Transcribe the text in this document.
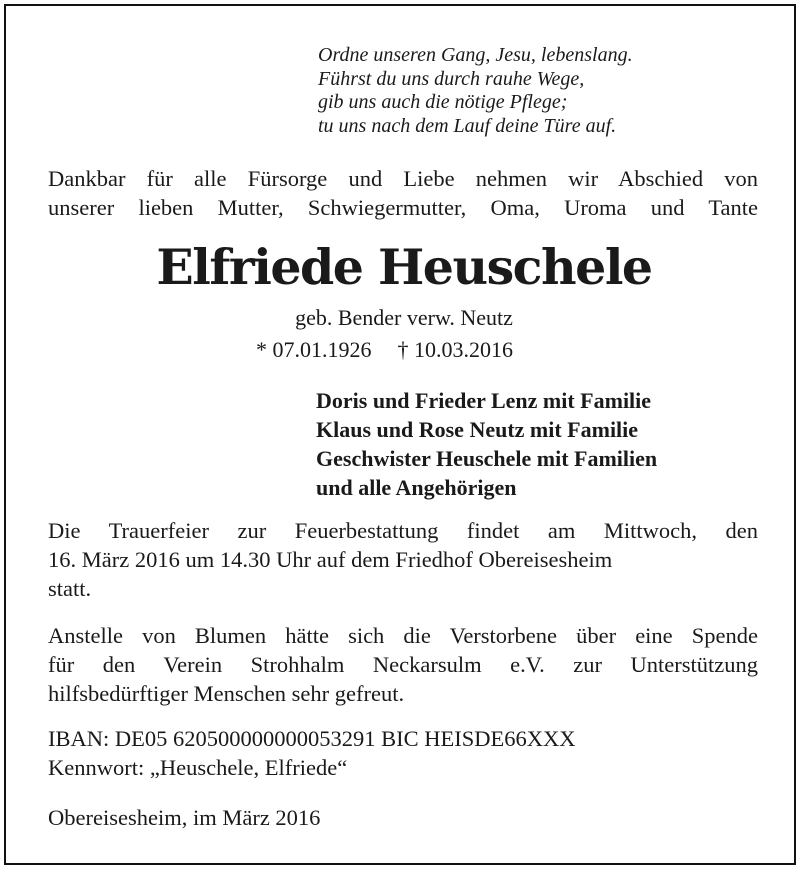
Ordne unseren Gang, Jesu, lebenslang.
Führst du uns durch rauhe Wege,
gib uns auch die nötige Pflege;
tu uns nach dem Lauf deine Türe auf.
Dankbar für alle Fürsorge und Liebe nehmen wir Abschied von
unserer lieben Mutter, Schwiegermutter, Oma, Uroma und Tante
Elfriede Heuschele
geb. Bender verw. Neutz
* 07.01.1926 † 10.03.2016
Doris und Frieder Lenz mit Familie
Klaus und Rose Neutz mit Familie
Geschwister Heuschele mit Familien
und alle Angehörigen
Die Trauerfeier zur Feuerbestattung findet am Mittwoch, den
16. März 2016 um 14.30 Uhr auf dem Friedhof Obereisesheim
statt.
Anstelle von Blumen hätte sich die Verstorbene über eine Spende
für den Verein Strohhalm Neckarsulm e.V. zur Unterstützung
hilfsbedürftiger Menschen sehr gefreut.
IBAN: DE05 620500000000053291 BIC HEISDE66XXX
Kennwort: „Heuschele, Elfriede“
Obereisesheim, im März 2016
